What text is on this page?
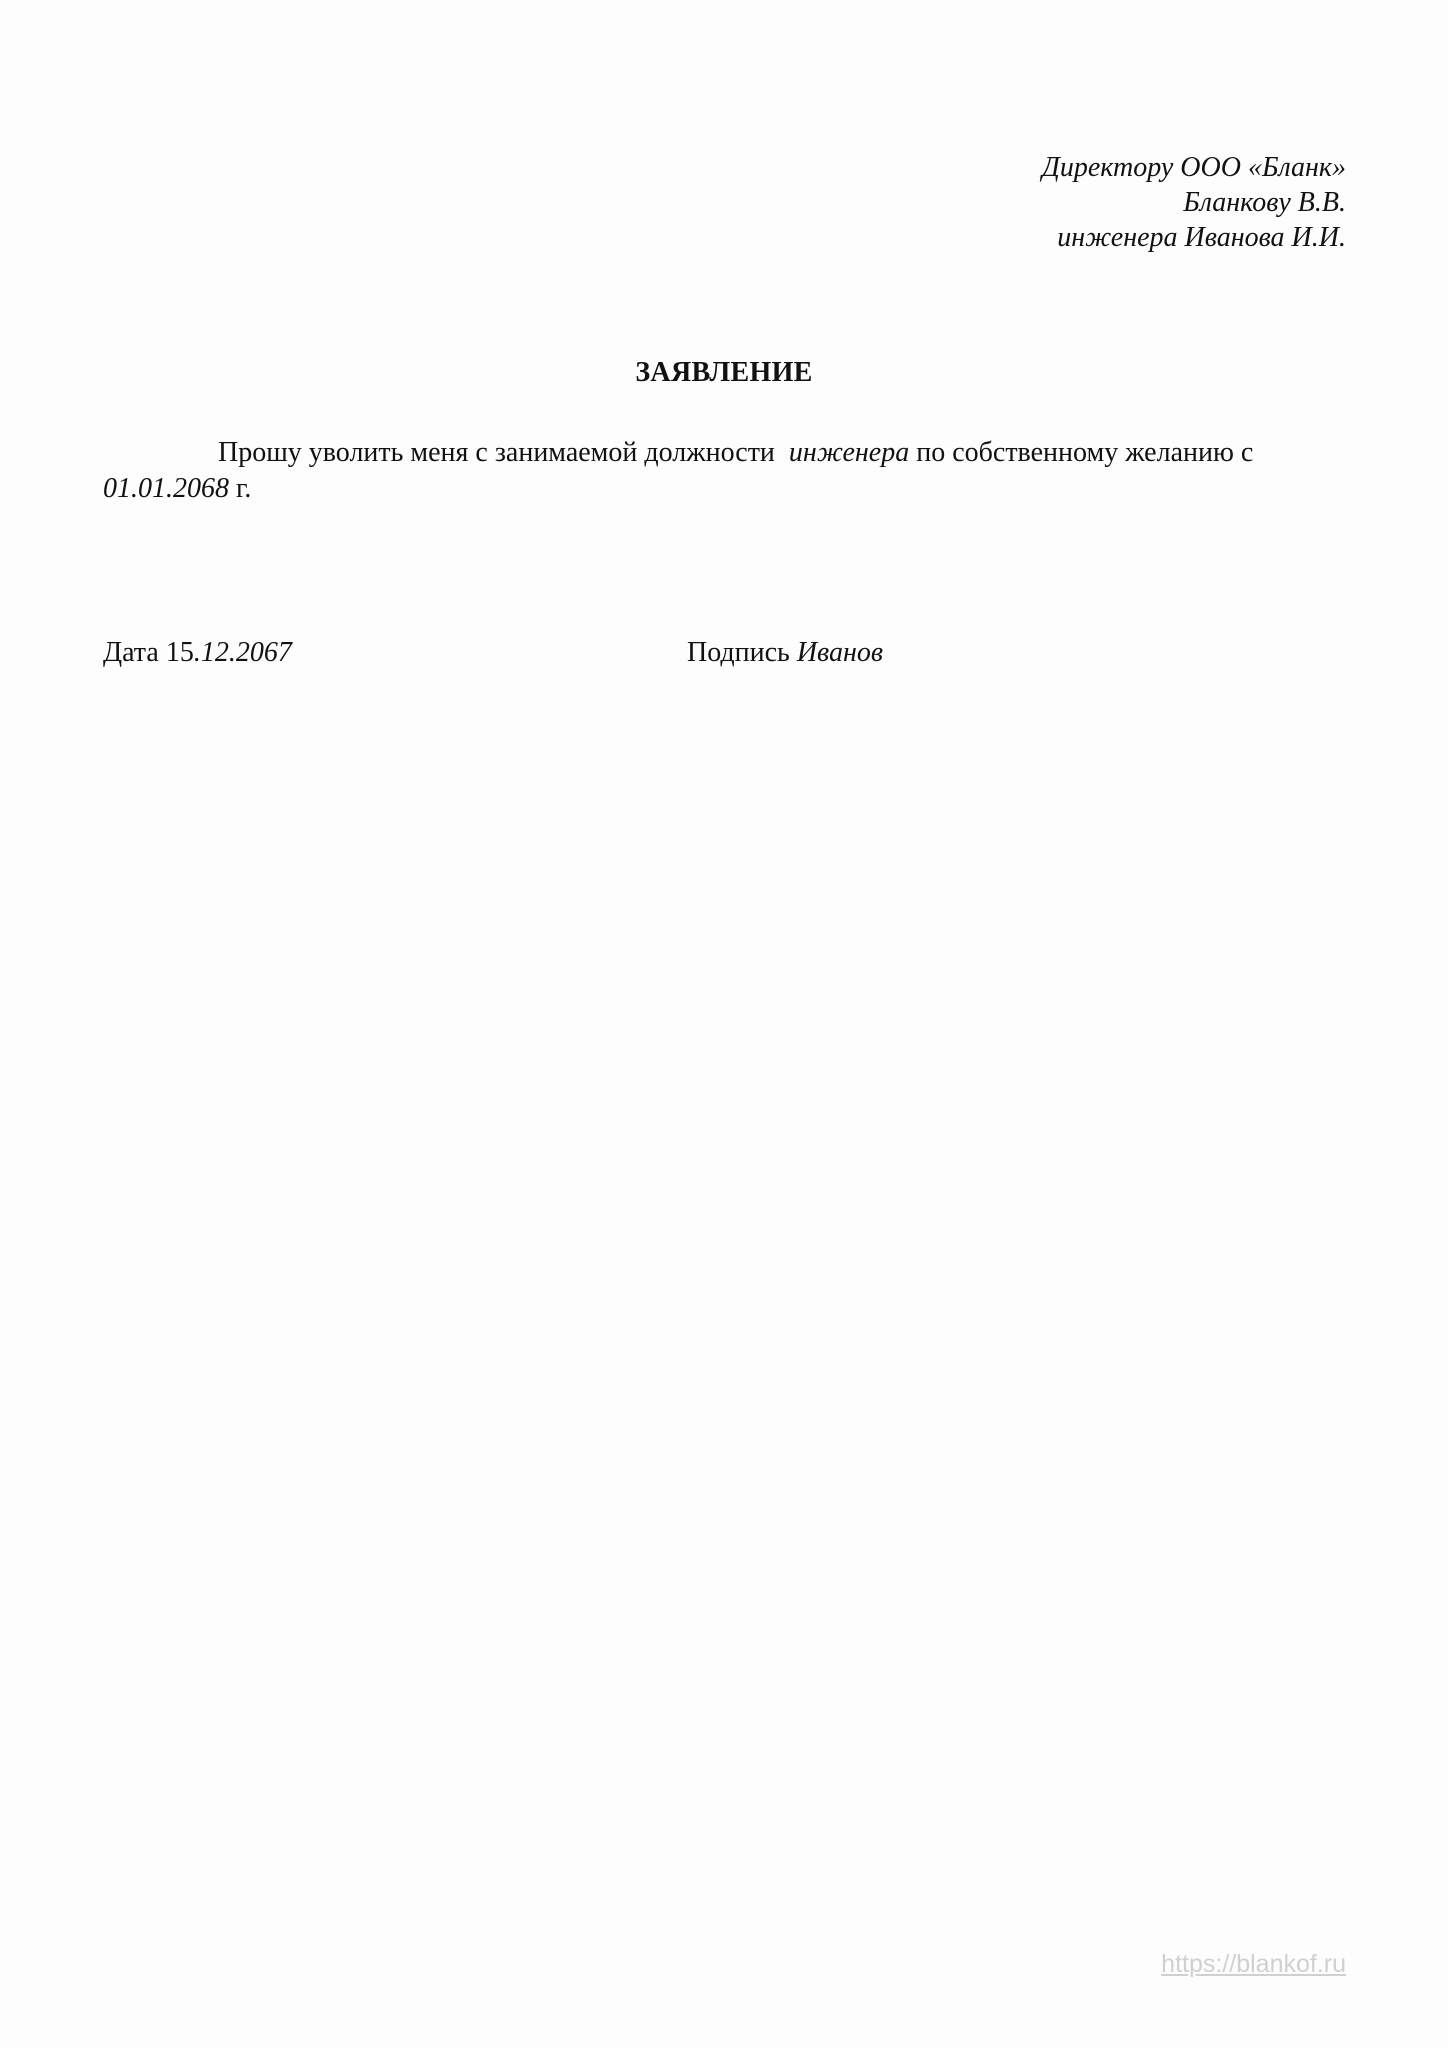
Директору ООО «Бланк»
Бланкову В.В.
инженера Иванова И.И.
ЗАЯВЛЕНИЕ
Прошу уволить меня с занимаемой должности инженера по собственному желанию с
01.01.2068 г.
Дата 15.12.2067	Подпись Иванов
https://blankof.ru
